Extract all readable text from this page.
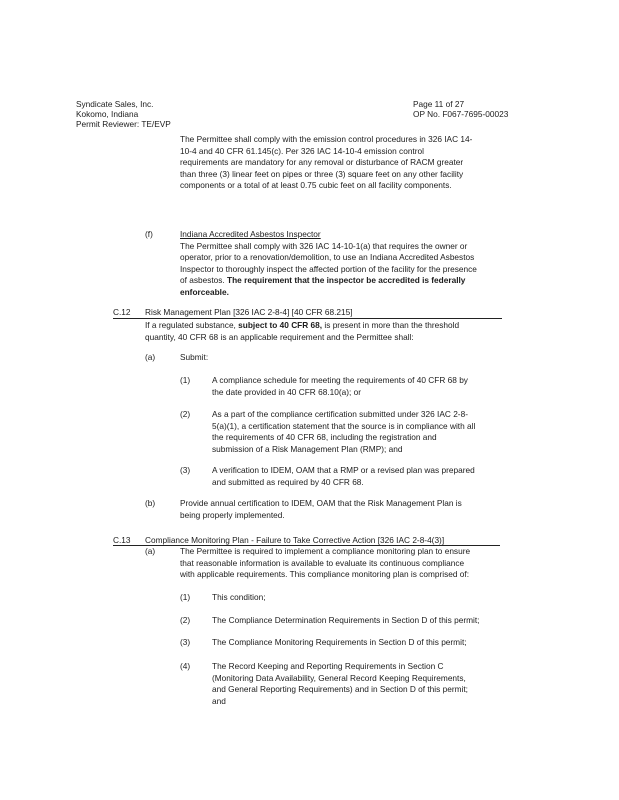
Syndicate Sales, Inc.
Kokomo, Indiana
Permit Reviewer: TE/EVP
Page 11 of 27
OP No. F067-7695-00023
The Permittee shall comply with the emission control procedures in 326 IAC 14-
10-4 and 40 CFR 61.145(c). Per 326 IAC 14-10-4 emission control
requirements are mandatory for any removal or disturbance of RACM greater
than three (3) linear feet on pipes or three (3) square feet on any other facility
components or a total of at least 0.75 cubic feet on all facility components.
(f)	Indiana Accredited Asbestos Inspector
The Permittee shall comply with 326 IAC 14-10-1(a) that requires the owner or
operator, prior to a renovation/demolition, to use an Indiana Accredited Asbestos
Inspector to thoroughly inspect the affected portion of the facility for the presence
of asbestos. The requirement that the inspector be accredited is federally
enforceable.
C.12 Risk Management Plan [326 IAC 2-8-4] [40 CFR 68.215]
If a regulated substance, subject to 40 CFR 68, is present in more than the threshold
quantity, 40 CFR 68 is an applicable requirement and the Permittee shall:
(a)	Submit:
(1)	A compliance schedule for meeting the requirements of 40 CFR 68 by
the date provided in 40 CFR 68.10(a); or
(2)	As a part of the compliance certification submitted under 326 IAC 2-8-
5(a)(1), a certification statement that the source is in compliance with all
the requirements of 40 CFR 68, including the registration and
submission of a Risk Management Plan (RMP); and
(3)	A verification to IDEM, OAM that a RMP or a revised plan was prepared
and submitted as required by 40 CFR 68.
(b)	Provide annual certification to IDEM, OAM that the Risk Management Plan is
being properly implemented.
C.13 Compliance Monitoring Plan - Failure to Take Corrective Action [326 IAC 2-8-4(3)]
(a)	The Permittee is required to implement a compliance monitoring plan to ensure
that reasonable information is available to evaluate its continuous compliance
with applicable requirements. This compliance monitoring plan is comprised of:
(1)	This condition;
(2)	The Compliance Determination Requirements in Section D of this permit;
(3)	The Compliance Monitoring Requirements in Section D of this permit;
(4)	The Record Keeping and Reporting Requirements in Section C
(Monitoring Data Availability, General Record Keeping Requirements,
and General Reporting Requirements) and in Section D of this permit;
and
